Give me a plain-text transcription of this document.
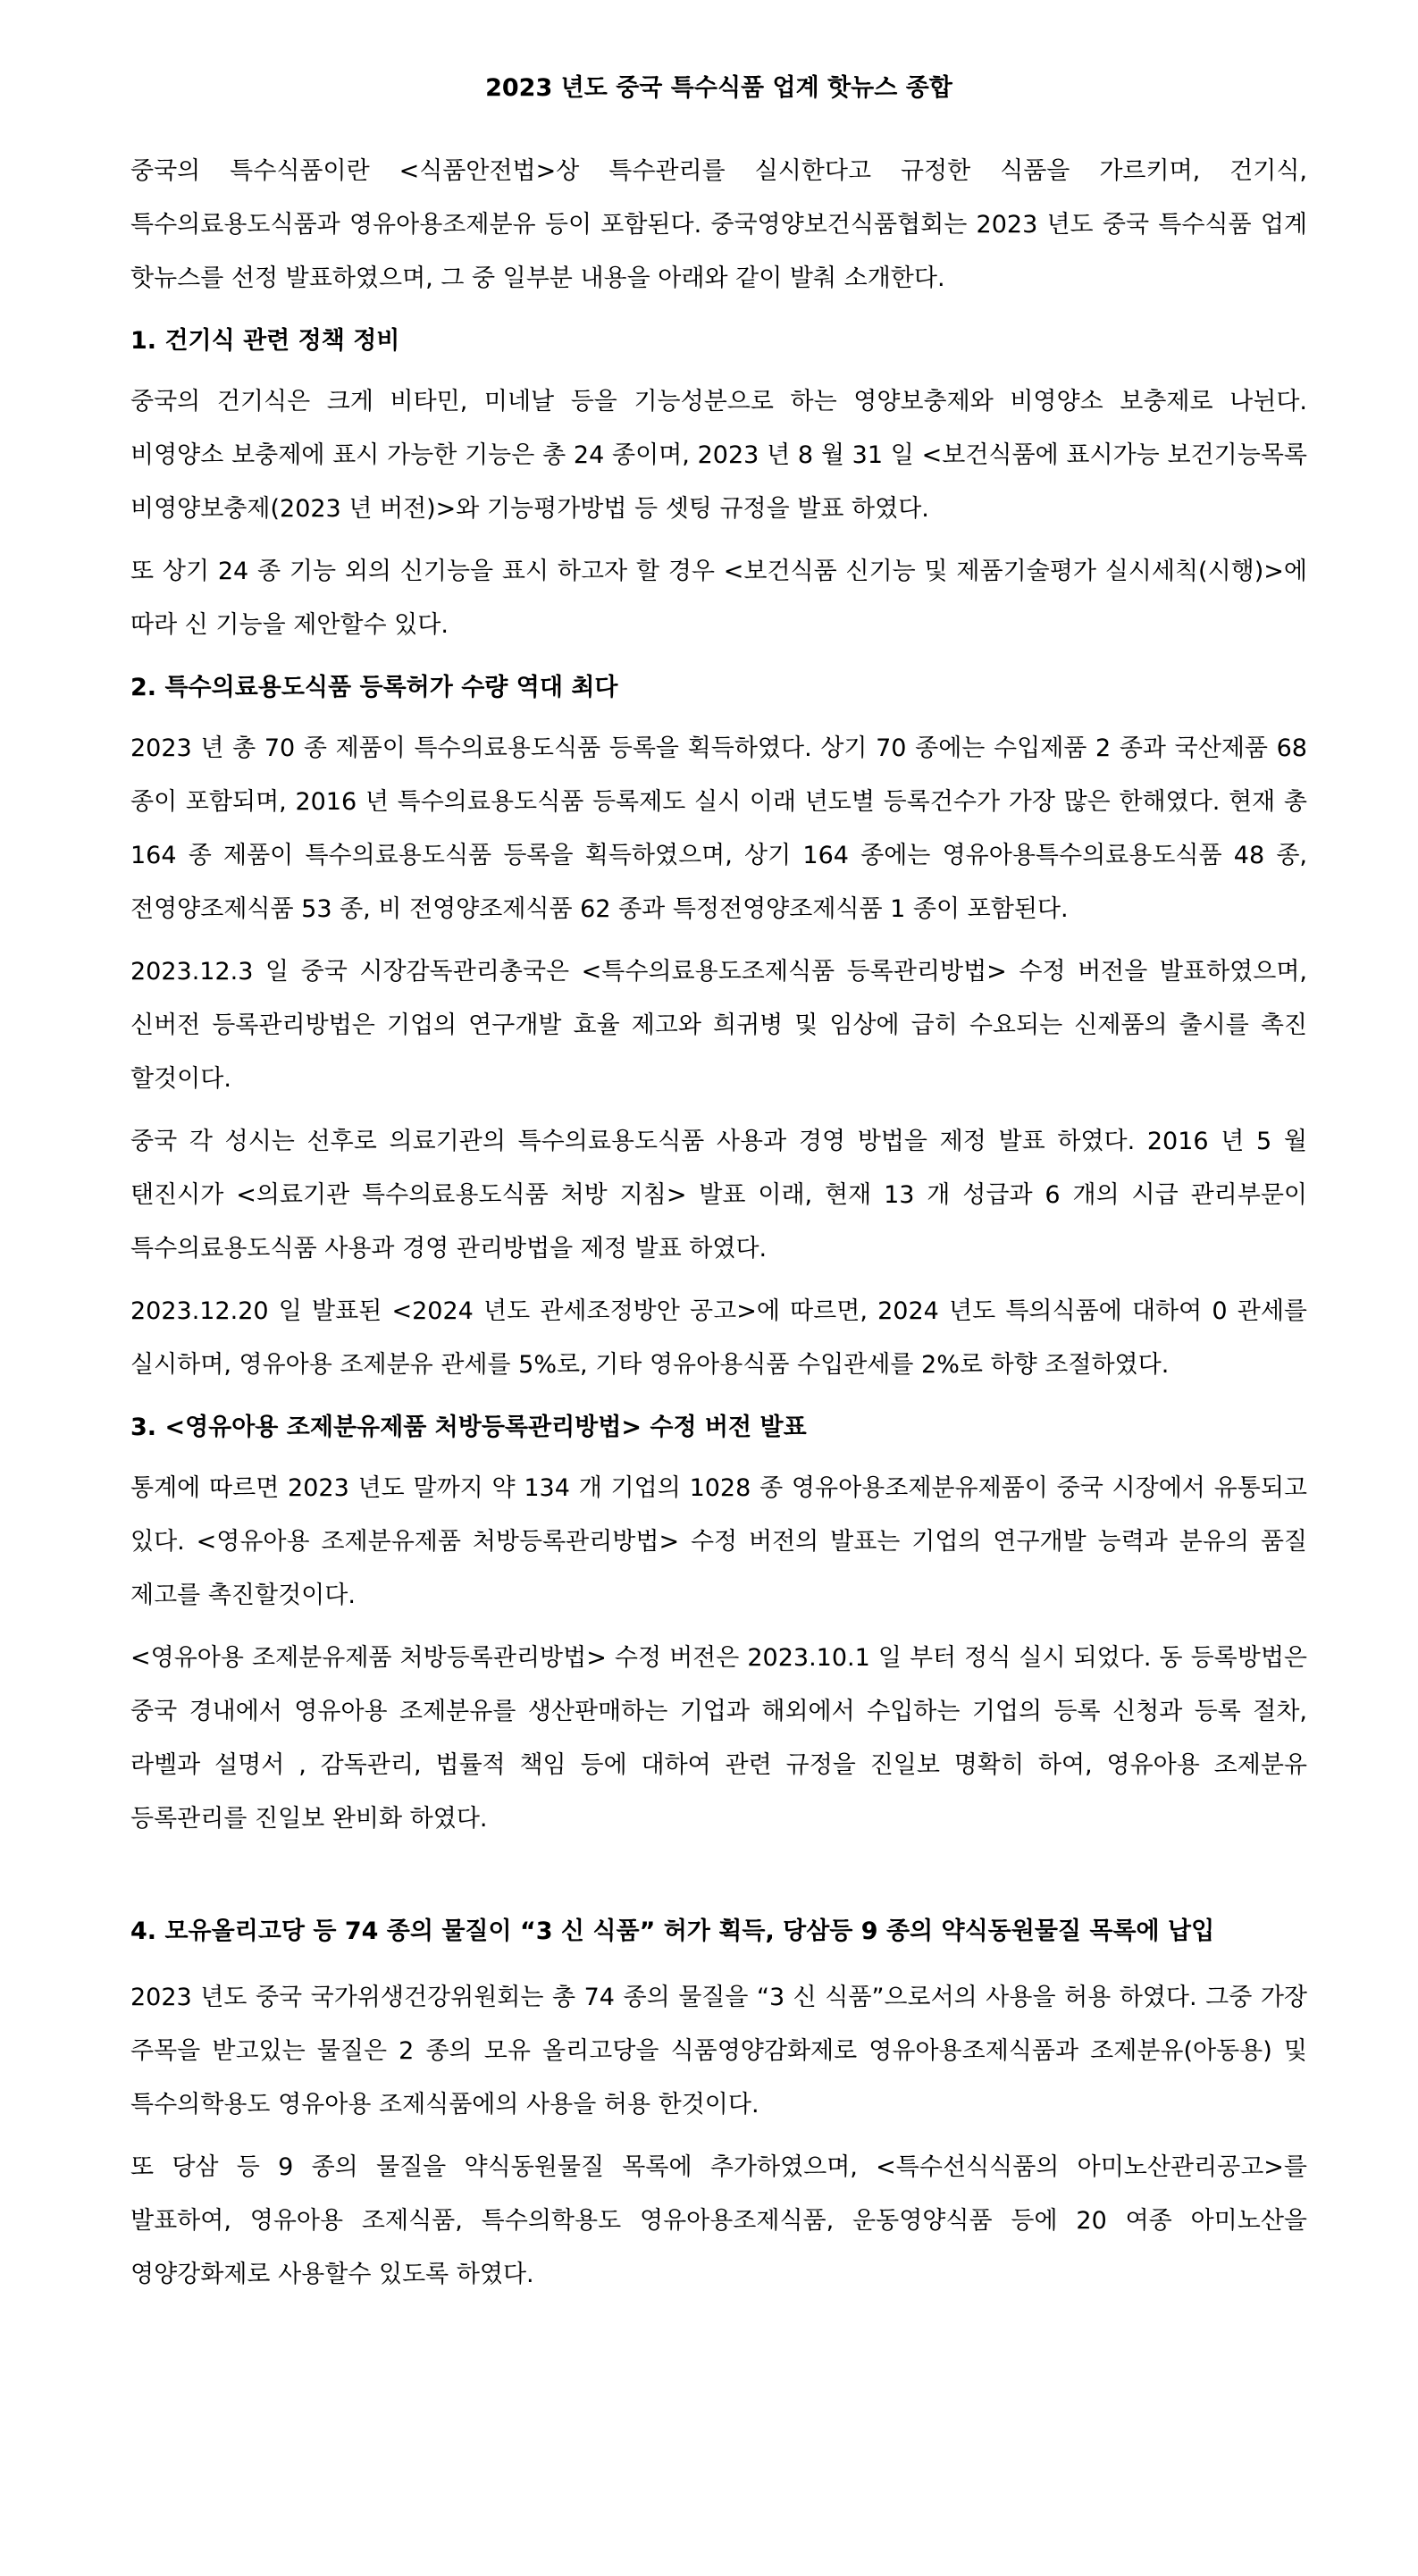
2023 년도 중국 특수식품 업계 핫뉴스 종합

중국의 특수식품이란 <식품안전법>상 특수관리를 실시한다고 규정한 식품을 가르키며, 건기식, 특수의료용도식품과 영유아용조제분유 등이 포함된다. 중국영양보건식품협회는 2023 년도 중국 특수식품 업계 핫뉴스를 선정 발표하였으며, 그 중 일부분 내용을 아래와 같이 발춰 소개한다.

1. 건기식 관련 정책 정비

중국의 건기식은 크게 비타민, 미네날 등을 기능성분으로 하는 영양보충제와 비영양소 보충제로 나뉜다. 비영양소 보충제에 표시 가능한 기능은 총 24 종이며, 2023 년 8 월 31 일 <보건식품에 표시가능 보건기능목록 비영양보충제(2023 년 버전)>와 기능평가방법 등 셋팅 규정을 발표 하였다.

또 상기 24 종 기능 외의 신기능을 표시 하고자 할 경우 <보건식품 신기능 및 제품기술평가 실시세칙(시행)>에 따라 신 기능을 제안할수 있다.

2. 특수의료용도식품 등록허가 수량 역대 최다

2023 년 총 70 종 제품이 특수의료용도식품 등록을 획득하였다. 상기 70 종에는 수입제품 2 종과 국산제품 68 종이 포함되며, 2016 년 특수의료용도식품 등록제도 실시 이래 년도별 등록건수가 가장 많은 한해였다. 현재 총 164 종 제품이 특수의료용도식품 등록을 획득하였으며, 상기 164 종에는 영유아용특수의료용도식품 48 종, 전영양조제식품 53 종, 비 전영양조제식품 62 종과 특정전영양조제식품 1 종이 포함된다.

2023.12.3 일 중국 시장감독관리총국은 <특수의료용도조제식품 등록관리방법> 수정 버전을 발표하였으며, 신버전 등록관리방법은 기업의 연구개발 효율 제고와 희귀병 및 임상에 급히 수요되는 신제품의 출시를 촉진 할것이다.

중국 각 성시는 선후로 의료기관의 특수의료용도식품 사용과 경영 방법을 제정 발표 하였다. 2016 년 5 월 탠진시가 <의료기관 특수의료용도식품 처방 지침> 발표 이래, 현재 13 개 성급과 6 개의 시급 관리부문이 특수의료용도식품 사용과 경영 관리방법을 제정 발표 하였다.

2023.12.20 일 발표된 <2024 년도 관세조정방안 공고>에 따르면, 2024 년도 특의식품에 대하여 0 관세를 실시하며, 영유아용 조제분유 관세를 5%로, 기타 영유아용식품 수입관세를 2%로 하향 조절하였다.

3. <영유아용 조제분유제품 처방등록관리방법> 수정 버전 발표

통계에 따르면 2023 년도 말까지 약 134 개 기업의 1028 종 영유아용조제분유제품이 중국 시장에서 유통되고 있다. <영유아용 조제분유제품 처방등록관리방법> 수정 버전의 발표는 기업의 연구개발 능력과 분유의 품질 제고를 촉진할것이다.

<영유아용 조제분유제품 처방등록관리방법> 수정 버전은 2023.10.1 일 부터 정식 실시 되었다. 동 등록방법은 중국 경내에서 영유아용 조제분유를 생산판매하는 기업과 해외에서 수입하는 기업의 등록 신청과 등록 절차, 라벨과 설명서 , 감독관리, 법률적 책임 등에 대하여 관련 규정을 진일보 명확히 하여, 영유아용 조제분유 등록관리를 진일보 완비화 하였다.

4. 모유올리고당 등 74 종의 물질이 “3 신 식품” 허가 획득, 당삼등 9 종의 약식동원물질 목록에 납입

2023 년도 중국 국가위생건강위원회는 총 74 종의 물질을 “3 신 식품”으로서의 사용을 허용 하였다. 그중 가장 주목을 받고있는 물질은 2 종의 모유 올리고당을 식품영양감화제로 영유아용조제식품과 조제분유(아동용) 및 특수의학용도 영유아용 조제식품에의 사용을 허용 한것이다.

또 당삼 등 9 종의 물질을 약식동원물질 목록에 추가하였으며, <특수선식식품의 아미노산관리공고>를 발표하여, 영유아용 조제식품, 특수의학용도 영유아용조제식품, 운동영양식품 등에 20 여종 아미노산을 영양강화제로 사용할수 있도록 하였다.
